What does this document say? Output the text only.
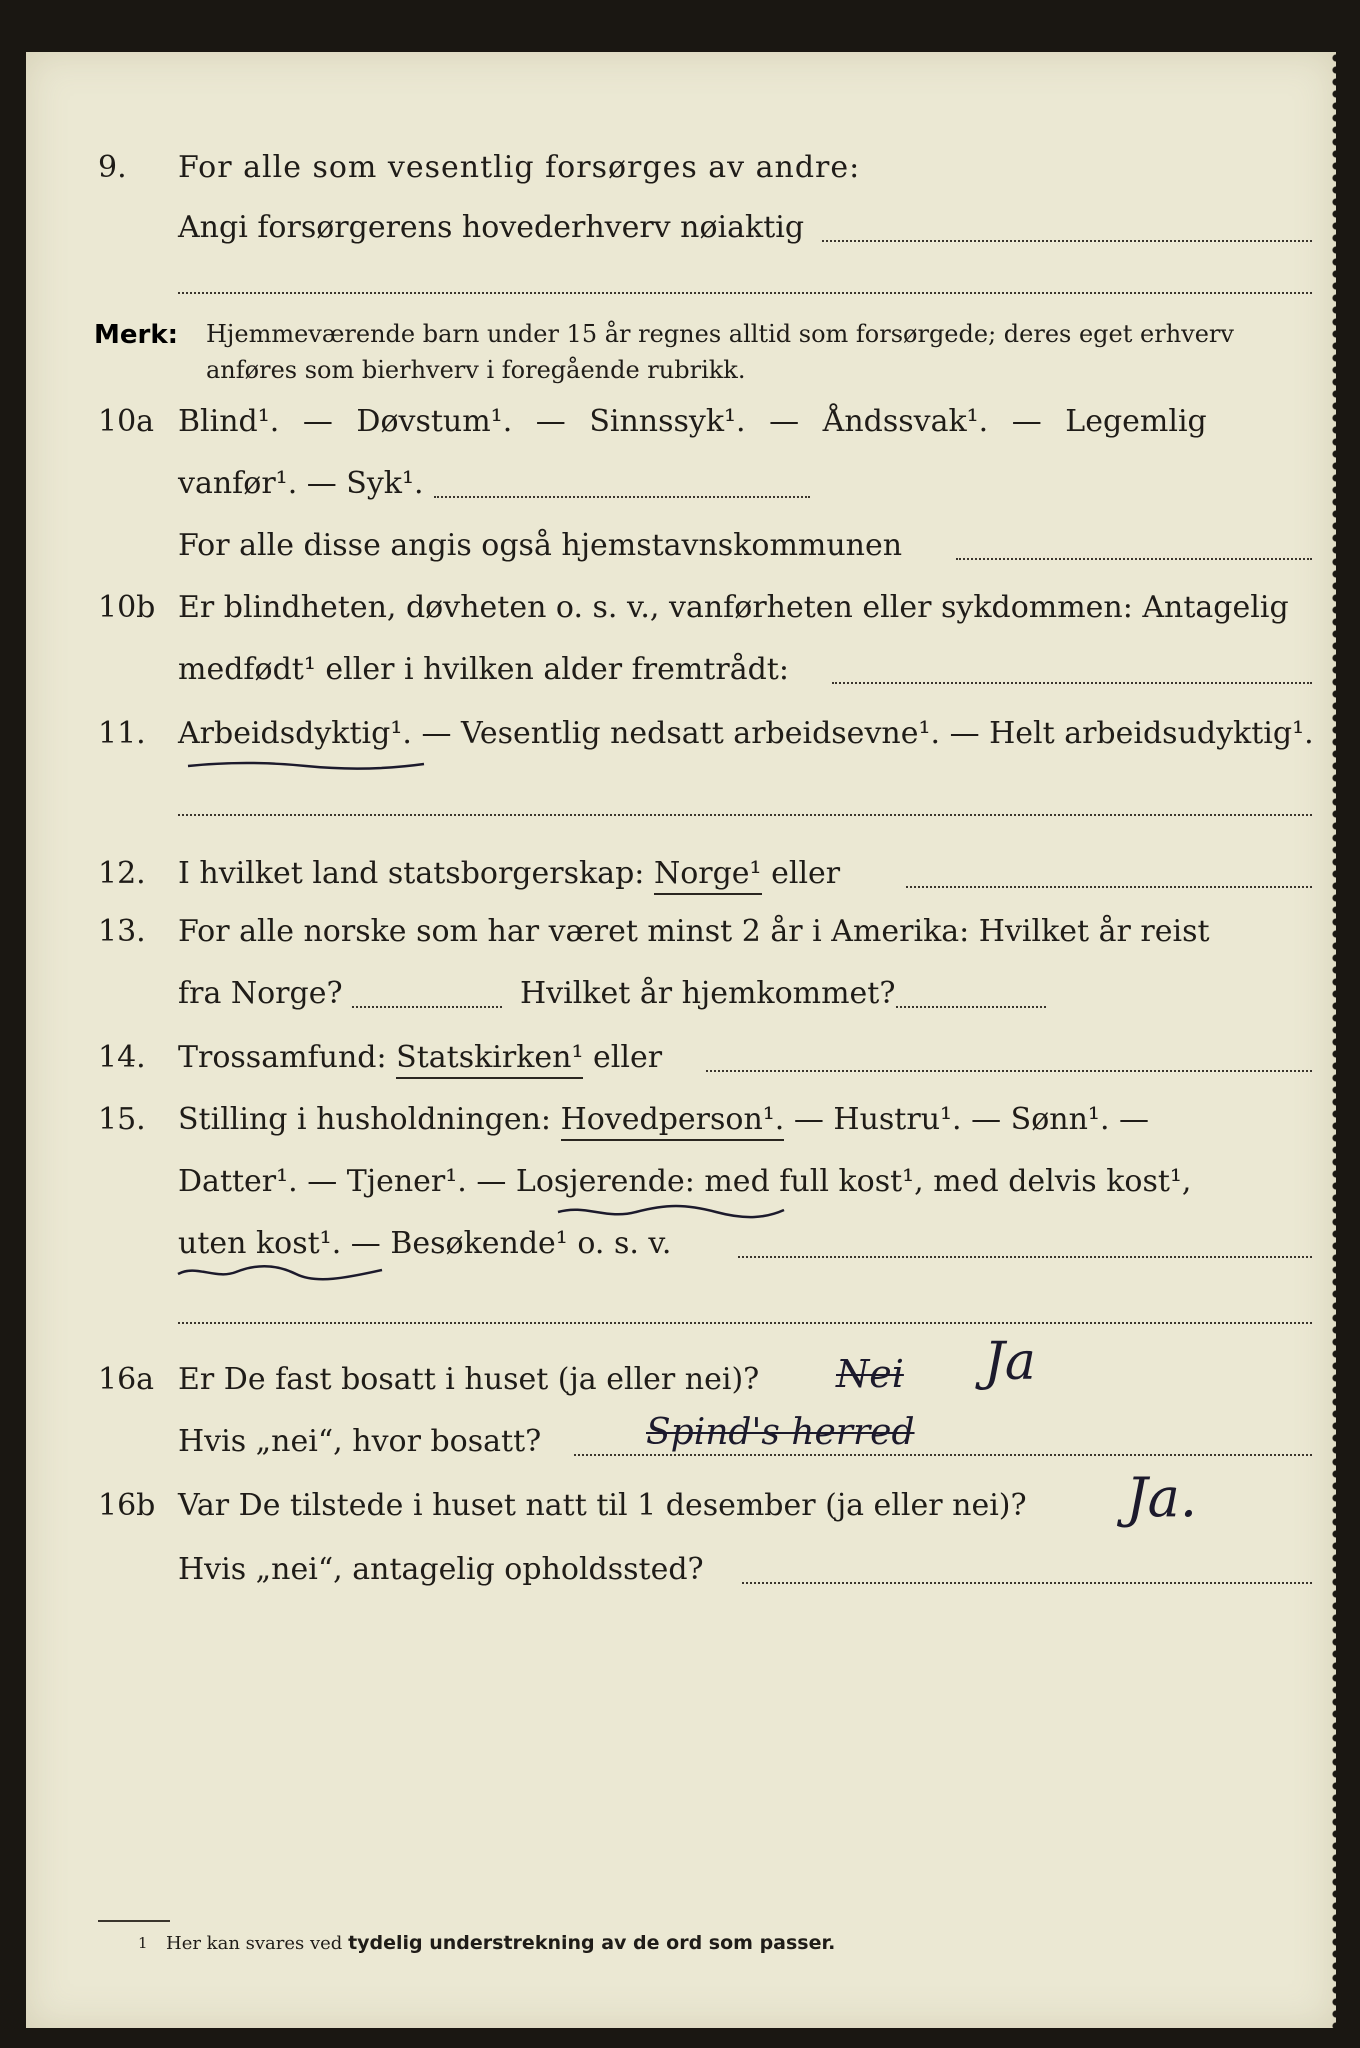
9. For alle som vesentlig forsørges av andre:
Angi forsørgerens hovederhverv nøiaktig
Merk: Hjemmeværende barn under 15 år regnes alltid som forsørgede; deres eget erhverv
anføres som bierhverv i foregående rubrikk.
10a Blind¹. — Døvstum¹. — Sinnssyk¹. — Åndssvak¹. — Legemlig
vanfør¹. — Syk¹.
For alle disse angis også hjemstavnskommunen
10b Er blindheten, døvheten o. s. v., vanførheten eller sykdommen: Antagelig
medfødt¹ eller i hvilken alder fremtrådt:
11. Arbeidsdyktig¹. — Vesentlig nedsatt arbeidsevne¹. — Helt arbeidsudyktig¹.
12. I hvilket land statsborgerskap: Norge¹ eller
13. For alle norske som har været minst 2 år i Amerika: Hvilket år reist
fra Norge?	Hvilket år hjemkommet?
14. Trossamfund: Statskirken¹ eller
15. Stilling i husholdningen: Hovedperson¹. — Hustru¹. — Sønn¹. —
Datter¹. — Tjener¹. — Losjerende: med full kost¹, med delvis kost¹,
uten kost¹. — Besøkende¹ o. s. v.
16a Er De fast bosatt i huset (ja eller nei)? Nei Ja
Hvis „nei“, hvor bosatt?	Spind's herred
16b Var De tilstede i huset natt til 1 desember (ja eller nei)? Ja.
Hvis „nei“, antagelig opholdssted?
1 Her kan svares ved tydelig understrekning av de ord som passer.
